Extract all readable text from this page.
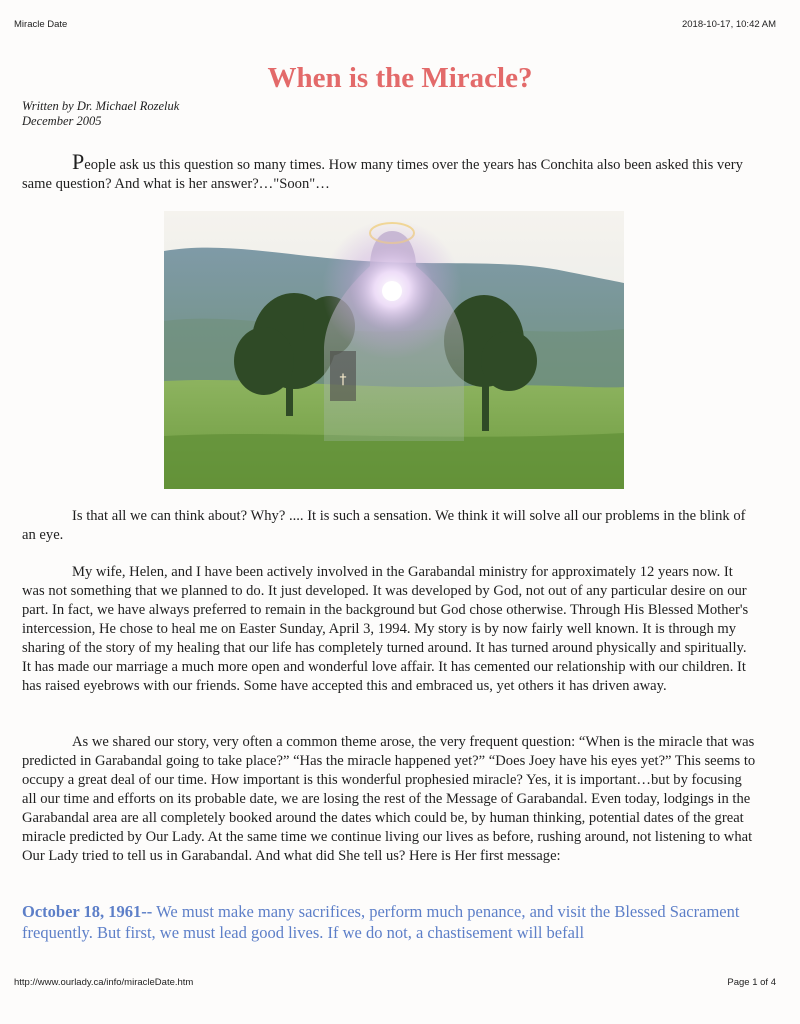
Miracle Date	2018-10-17, 10:42 AM
When is the Miracle?
Written by Dr. Michael Rozeluk
December 2005

People ask us this question so many times. How many times over the years has Conchita also been asked this very same question? And what is her answer?…"Soon"…

†

Is that all we can think about? Why? .... It is such a sensation. We think it will solve all our problems in the blink of an eye.

My wife, Helen, and I have been actively involved in the Garabandal ministry for approximately 12 years now. It was not something that we planned to do. It just developed. It was developed by God, not out of any particular desire on our part. In fact, we have always preferred to remain in the background but God chose otherwise. Through His Blessed Mother's intercession, He chose to heal me on Easter Sunday, April 3, 1994. My story is by now fairly well known. It is through my sharing of the story of my healing that our life has completely turned around. It has turned around physically and spiritually. It has made our marriage a much more open and wonderful love affair. It has cemented our relationship with our children. It has raised eyebrows with our friends. Some have accepted this and embraced us, yet others it has driven away.

As we shared our story, very often a common theme arose, the very frequent question: “When is the miracle that was predicted in Garabandal going to take place?” “Has the miracle happened yet?” “Does Joey have his eyes yet?” This seems to occupy a great deal of our time. How important is this wonderful prophesied miracle? Yes, it is important…but by focusing all our time and efforts on its probable date, we are losing the rest of the Message of Garabandal. Even today, lodgings in the Garabandal area are all completely booked around the dates which could be, by human thinking, potential dates of the great miracle predicted by Our Lady. At the same time we continue living our lives as before, rushing around, not listening to what Our Lady tried to tell us in Garabandal. And what did She tell us? Here is Her first message:

October 18, 1961-- We must make many sacrifices, perform much penance, and visit the Blessed Sacrament frequently. But first, we must lead good lives. If we do not, a chastisement will befall

http://www.ourlady.ca/info/miracleDate.htm	Page 1 of 4
